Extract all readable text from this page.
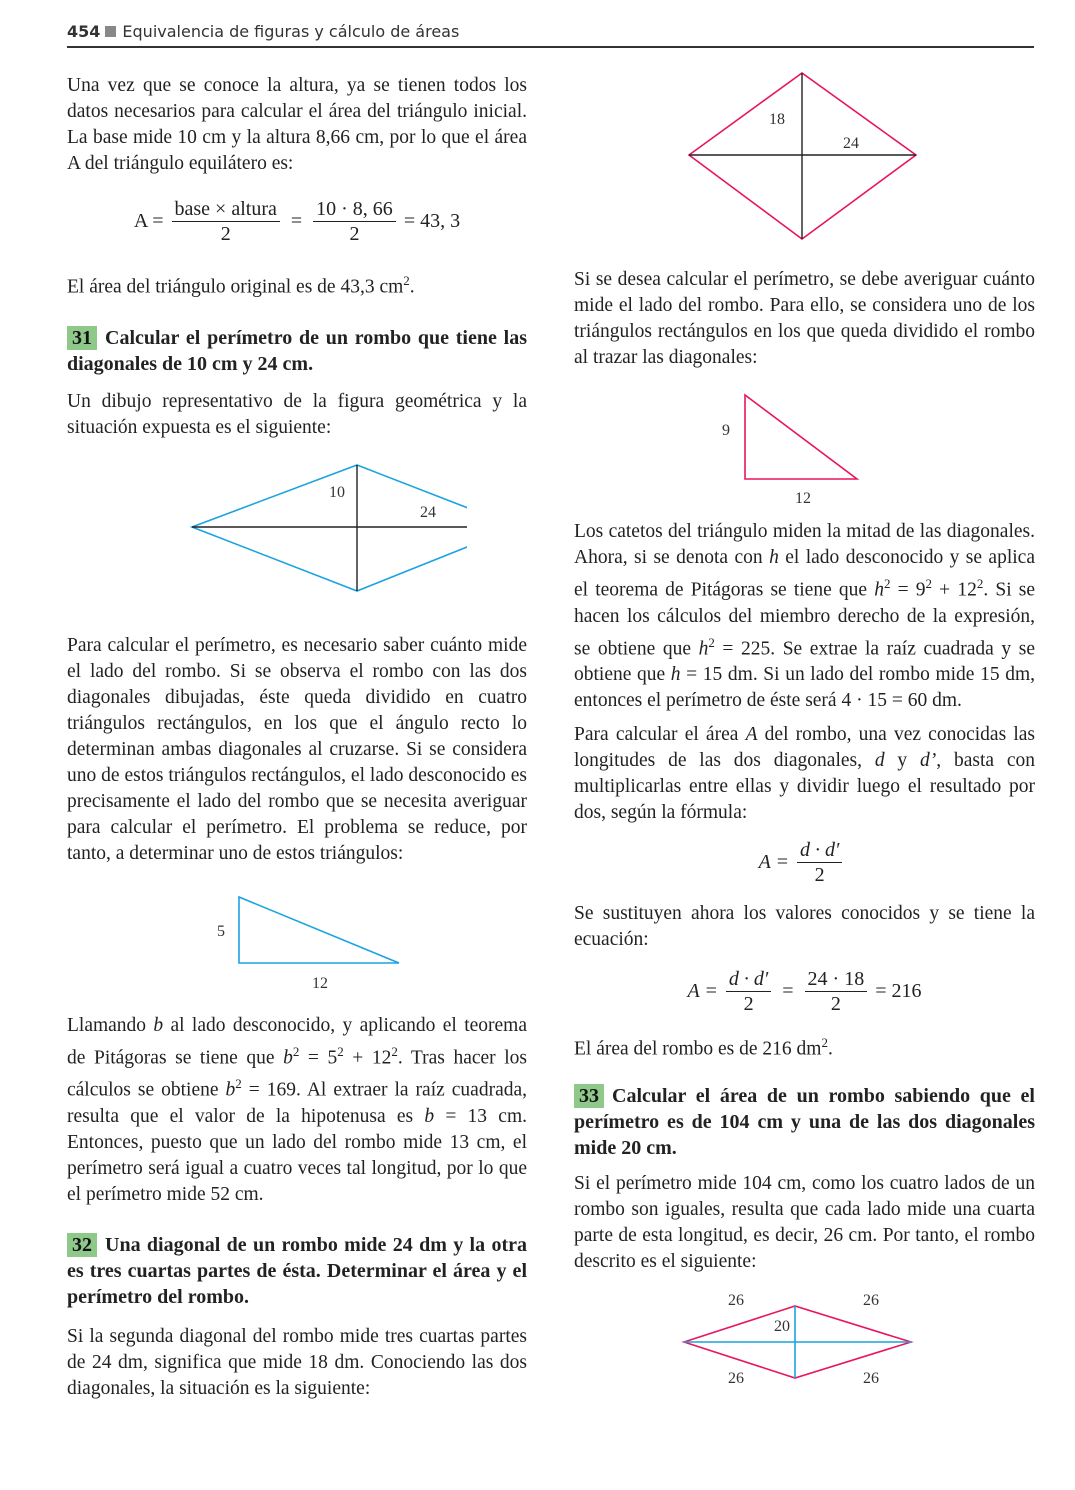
454 Equivalencia de figuras y cálculo de áreas

Una vez que se conoce la altura, ya se tienen todos los datos necesarios para calcular el área del triángulo inicial. La base mide 10 cm y la altura 8,66 cm, por lo que el área A del triángulo equilátero es:

$A = \frac{\text{base × altura}}{2} = \frac{10 \cdot 8, 66}{2} = 43$, 3

El área del triángulo original es de 43,3 $cm^2$.

31 Calcular el perímetro de un rombo que tiene las diagonales de 10 cm y 24 cm.

Un dibujo representativo de la figura geométrica y la situación expuesta es el siguiente:

10
24

Para calcular el perímetro, es necesario saber cuánto mide el lado del rombo. Si se observa el rombo con las dos diagonales dibujadas, éste queda dividido en cuatro triángulos rectángulos, en los que el ángulo recto lo determinan ambas diagonales al cruzarse. Si se considera uno de estos triángulos rectángulos, el lado desconocido es precisamente el lado del rombo que se necesita averiguar para calcular el perímetro. El problema se reduce, por tanto, a determinar uno de estos triángulos:

5
12

Llamando b al lado desconocido, y aplicando el teorema de Pitágoras se tiene que $b^2 = 5^2 + 12^2$. Tras hacer los cálculos se obtiene $b^2 = 169$. Al extraer la raíz cuadrada, resulta que el valor de la hipotenusa es b = 13 cm. Entonces, puesto que un lado del rombo mide 13 cm, el perímetro será igual a cuatro veces tal longitud, por lo que el perímetro mide 52 cm.

32 Una diagonal de un rombo mide 24 dm y la otra es tres cuartas partes de ésta. Determinar el área y el perímetro del rombo.

Si la segunda diagonal del rombo mide tres cuartas partes de 24 dm, significa que mide 18 dm. Conociendo las dos diagonales, la situación es la siguiente:

18
24

Si se desea calcular el perímetro, se debe averiguar cuánto mide el lado del rombo. Para ello, se considera uno de los triángulos rectángulos en los que queda dividido el rombo al trazar las diagonales:

9
12

Los catetos del triángulo miden la mitad de las diagonales. Ahora, si se denota con h el lado desconocido y se aplica el teorema de Pitágoras se tiene que $h^2 = 9^2 + 12^2$. Si se hacen los cálculos del miembro derecho de la expresión, se obtiene que $h^2 = 225$. Se extrae la raíz cuadrada y se obtiene que h = 15 dm. Si un lado del rombo mide 15 dm, entonces el perímetro de éste será 4 · 15 = 60 dm.

Para calcular el área A del rombo, una vez conocidas las longitudes de las dos diagonales, d y d’, basta con multiplicarlas entre ellas y dividir luego el resultado por dos, según la fórmula:

$A = \frac{d \cdot d'}{2}$

Se sustituyen ahora los valores conocidos y se tiene la ecuación:

$A = \frac{d \cdot d'}{2} = \frac{24 \cdot 18}{2} = 216$

El área del rombo es de 216 $dm^2$.

33 Calcular el área de un rombo sabiendo que el perímetro es de 104 cm y una de las dos diagonales mide 20 cm.

Si el perímetro mide 104 cm, como los cuatro lados de un rombo son iguales, resulta que cada lado mide una cuarta parte de esta longitud, es decir, 26 cm. Por tanto, el rombo descrito es el siguiente:

26	26
26	26
20
